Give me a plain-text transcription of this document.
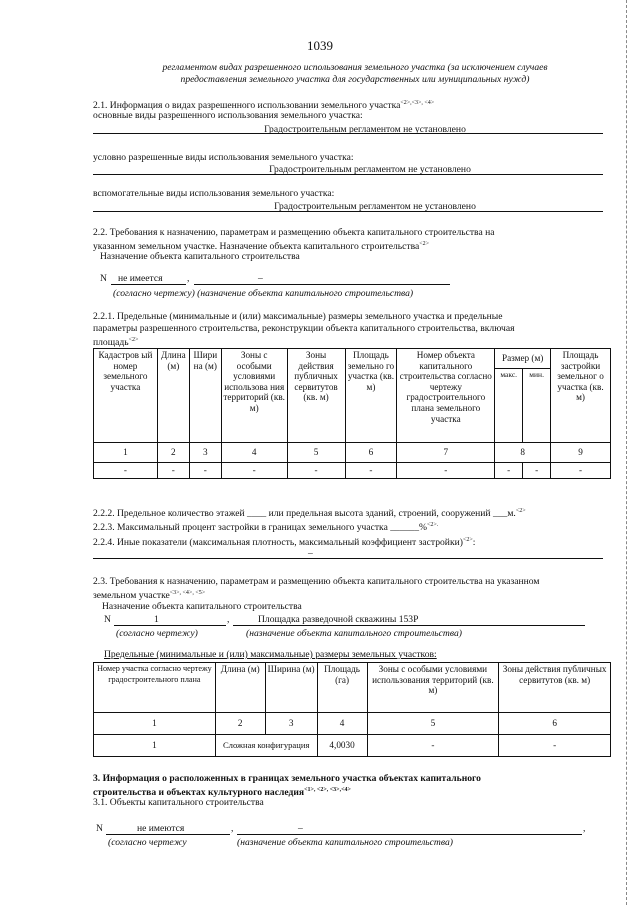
1039
регламентом видах разрешенного использования земельного участка (за исключением случаев
предоставления земельного участка для государственных или муниципальных нужд)
2.1. Информация о видах разрешенного использовании земельного участка$^{<2>,<3>, <4>}$
основные виды разрешенного использования земельного участка:
Градостроительным регламентом не установлено
условно разрешенные виды использования земельного участка:
Градостроительным регламентом не установлено
вспомогательные виды использования земельного участка:
Градостроительным регламентом не установлено
2.2. Требования к назначению, параметрам и размещению объекта капитального строительства на
указанном земельном участке. Назначение объекта капитального строительства$^{<2>}$
Назначение объекта капитального строительства
N не имеется	,	–
(согласно чертежу) (назначение объекта капитального строительства)
2.2.1. Предельные (минимальные и (или) максимальные) размеры земельного участка и предельные
параметры разрешенного строительства, реконструкции объекта капитального строительства, включая
площадь$^{<2>}$
Кадастров ый номер земельного участка	Длина (м)	Шири на (м)	Зоны с особыми условиями использова ния территорий (кв. м)	Зоны действия публичных сервитутов (кв. м)	Площадь земельно го участка (кв. м)	Номер объекта капитального строительства согласно чертежу градостроительного плана земельного участка	Размер (м)		Площадь застройки земельног о участка (кв. м)
							макс.	мин.	
1	2	3	4	5	6	7	8		9
-	-	-	-	-	-	-	-	-	-
2.2.2. Предельное количество этажей ____ или предельная высота зданий, строений, сооружений ___м.$^{<2>}$
2.2.3. Максимальный процент застройки в границах земельного участка ______%$^{<2>.}$
2.2.4. Иные показатели (максимальная плотность, максимальный коэффициент застройки)$^{<2>}$:
–
2.3. Требования к назначению, параметрам и размещению объекта капитального строительства на указанном
земельном участке$^{<3>, <4>, <5>}$
Назначение объекта капитального строительства
N	1	,	Площадка разведочной скважины 153Р
(согласно чертежу)	(назначение объекта капитального строительства)
Предельные (минимальные и (или) максимальные) размеры земельных участков:
Номер участка согласно чертежу градостроительного плана	Длина (м)	Ширина (м)	Площадь (га)	Зоны с особыми условиями использования территорий (кв. м)	Зоны действия публичных сервитутов (кв. м)
1	2	3	4	5	6
1	Сложная конфигурация		4,0030	-	-
3. Информация о расположенных в границах земельного участка объектах капитального
строительства и объектах культурного наследия$^{<1>, <2>, <3>,<4>}$
3.1. Объекты капитального строительства
N	не имеются	,	–	,
(согласно чертежу	(назначение объекта капитального строительства)
